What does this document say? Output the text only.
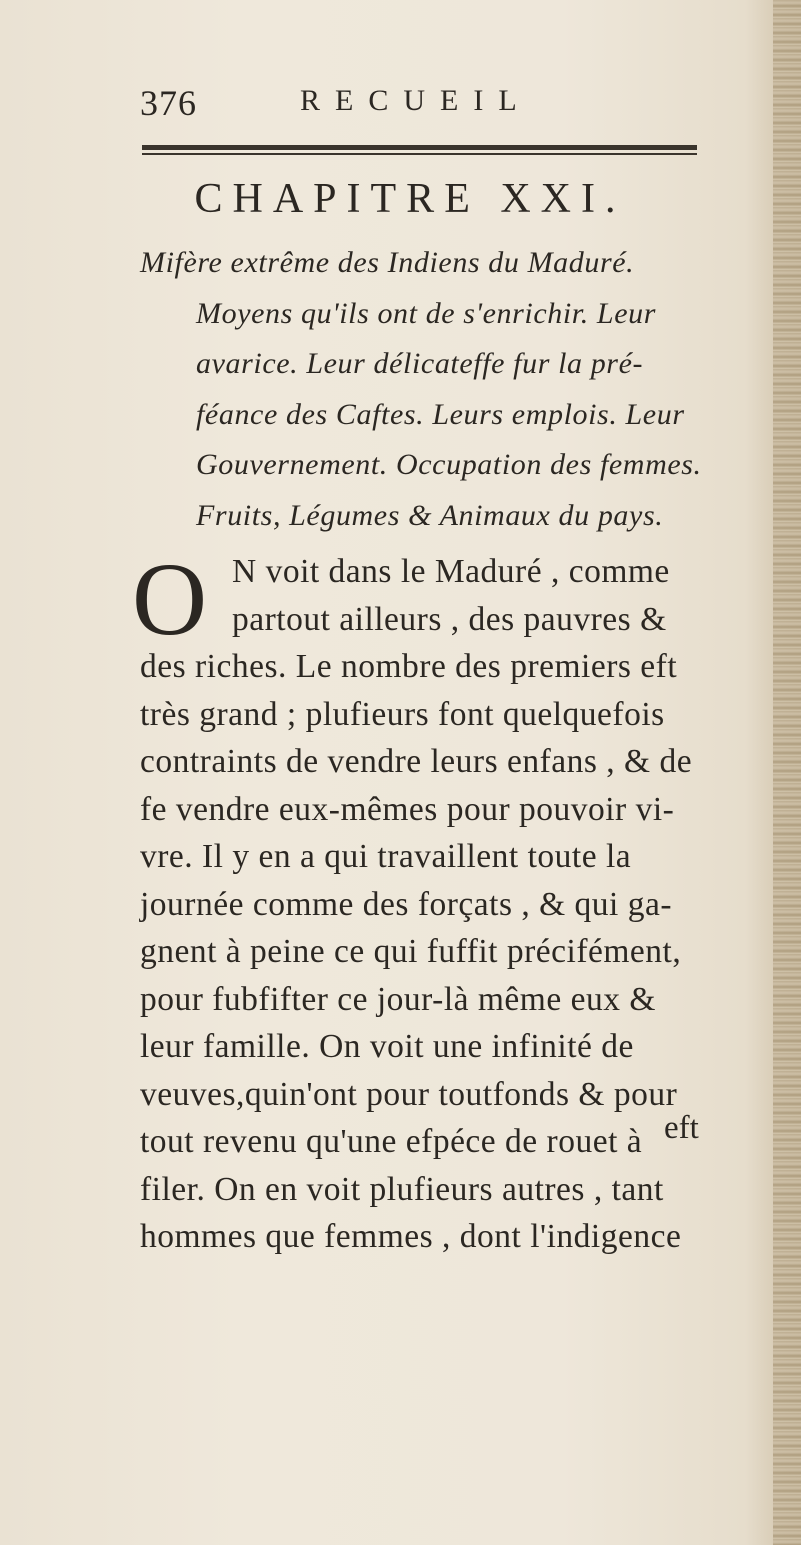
376	RECUEIL
CHAPITRE XXI.
Mifère extrême des Indiens du Maduré.
Moyens qu'ils ont de s'enrichir. Leur
avarice. Leur délicateffe fur la pré-
féance des Caftes. Leurs emplois. Leur
Gouvernement. Occupation des femmes.
Fruits, Légumes & Animaux du pays.
O N voit dans le Maduré , comme
partout ailleurs , des pauvres &
des riches. Le nombre des premiers eft
très grand ; plufieurs font quelquefois
contraints de vendre leurs enfans , & de
fe vendre eux-mêmes pour pouvoir vi-
vre. Il y en a qui travaillent toute la
journée comme des forçats , & qui ga-
gnent à peine ce qui fuffit précifément,
pour fubfifter ce jour-là même eux &
leur famille. On voit une infinité de
veuves,quin'ont pour toutfonds & pour
tout revenu qu'une efpéce de rouet à
filer. On en voit plufieurs autres , tant
hommes que femmes , dont l'indigence
eft
